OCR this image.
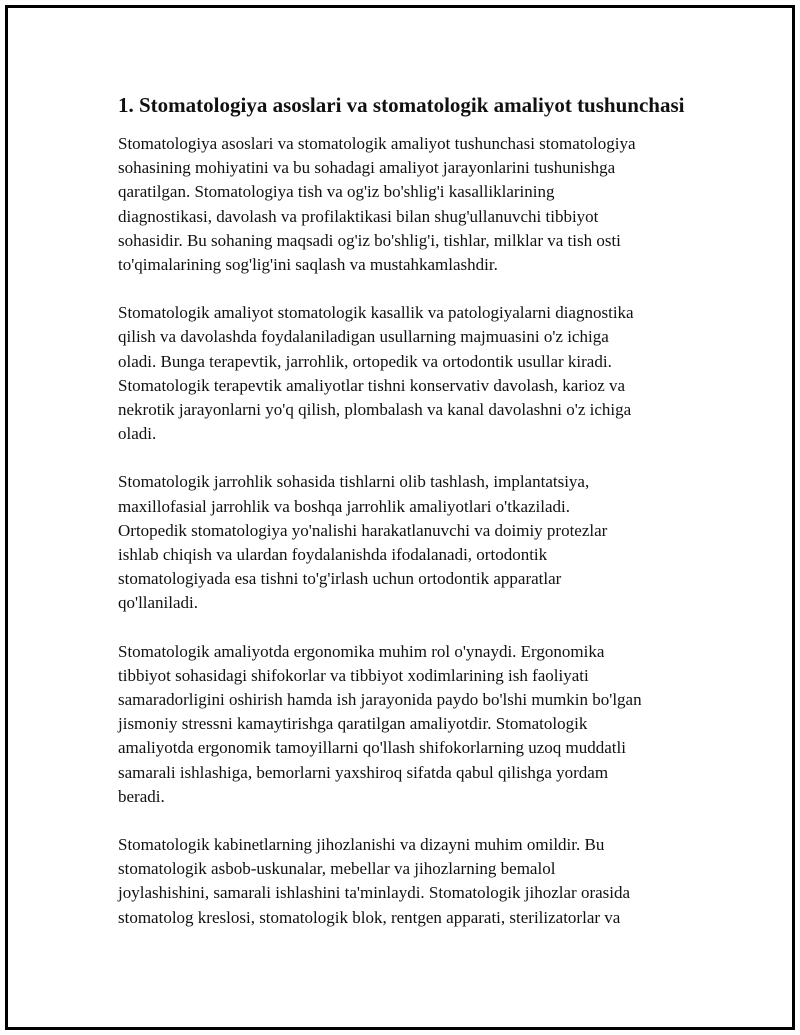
1. Stomatologiya asoslari va stomatologik amaliyot tushunchasi

Stomatologiya asoslari va stomatologik amaliyot tushunchasi stomatologiya
sohasining mohiyatini va bu sohadagi amaliyot jarayonlarini tushunishga
qaratilgan. Stomatologiya tish va og'iz bo'shlig'i kasalliklarining
diagnostikasi, davolash va profilaktikasi bilan shug'ullanuvchi tibbiyot
sohasidir. Bu sohaning maqsadi og'iz bo'shlig'i, tishlar, milklar va tish osti
to'qimalarining sog'lig'ini saqlash va mustahkamlashdir.

Stomatologik amaliyot stomatologik kasallik va patologiyalarni diagnostika
qilish va davolashda foydalaniladigan usullarning majmuasini o'z ichiga
oladi. Bunga terapevtik, jarrohlik, ortopedik va ortodontik usullar kiradi.
Stomatologik terapevtik amaliyotlar tishni konservativ davolash, karioz va
nekrotik jarayonlarni yo'q qilish, plombalash va kanal davolashni o'z ichiga
oladi.

Stomatologik jarrohlik sohasida tishlarni olib tashlash, implantatsiya,
maxillofasial jarrohlik va boshqa jarrohlik amaliyotlari o'tkaziladi.
Ortopedik stomatologiya yo'nalishi harakatlanuvchi va doimiy protezlar
ishlab chiqish va ulardan foydalanishda ifodalanadi, ortodontik
stomatologiyada esa tishni to'g'irlash uchun ortodontik apparatlar
qo'llaniladi.

Stomatologik amaliyotda ergonomika muhim rol o'ynaydi. Ergonomika
tibbiyot sohasidagi shifokorlar va tibbiyot xodimlarining ish faoliyati
samaradorligini oshirish hamda ish jarayonida paydo bo'lshi mumkin bo'lgan
jismoniy stressni kamaytirishga qaratilgan amaliyotdir. Stomatologik
amaliyotda ergonomik tamoyillarni qo'llash shifokorlarning uzoq muddatli
samarali ishlashiga, bemorlarni yaxshiroq sifatda qabul qilishga yordam
beradi.

Stomatologik kabinetlarning jihozlanishi va dizayni muhim omildir. Bu
stomatologik asbob-uskunalar, mebellar va jihozlarning bemalol
joylashishini, samarali ishlashini ta'minlaydi. Stomatologik jihozlar orasida
stomatolog kreslosi, stomatologik blok, rentgen apparati, sterilizatorlar va
